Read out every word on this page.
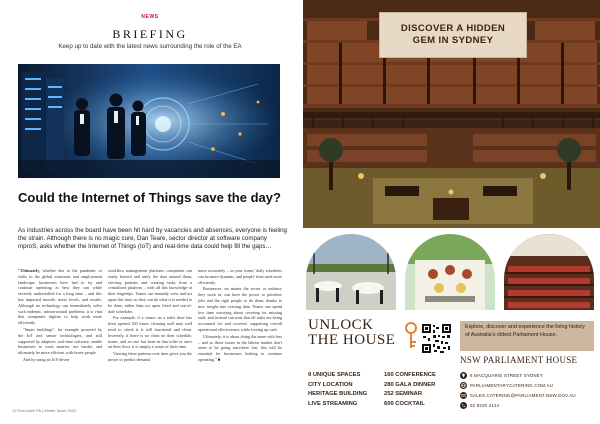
NEWS
BRIEFING
Keep up to date with the latest news surrounding the role of the EA
Could the Internet of Things save the day?
As industries across the board have been hit hard by vacancies and absences, everyone is feeling the strain. Although there is no magic cure, Dan Teare, sector director at software company mproS, asks whether the Internet of Things (IoT) and real-time data could help fill the gaps…

"Ultimately, whether due to the pandemic or shifts in the global economic and employment landscape, businesses have had to try and continue operating as best they can while severely understaffed for a long time – and this has impacted morale, stress levels, and results. Although no technology can immediately solve such endemic, infrastructural problems, it is vital that companies digitise to help work more efficiently.

"Smart buildings", for example powered by the IoT and sensor technologies, and still supported by adaptive, real-time software, enable businesses to work smarter, not harder, and ultimately be more efficient with fewer people.

And by using an IoT-driven

workflow management platform, companies can easily harvest and unify the data around them, viewing patterns and creating tasks from a centralised platform – with all this knowledge at their fingertips. Teams can instantly view and act upon this data, so they can do what it is needed to be done, rather than act upon fixed and out-of-date schedules.

For example, if a sensor on a toilet door has been opened 100 times, cleaning staff may well need to check it is still functional and clean. Inversely, if there is no clean on their schedule, teams, and no one has been in that toilet or once on their floor, it is simply a waste of their time.

Viewing these patterns over time gives you the power to predict demand,

more accurately – so your teams' daily schedules can be more dynamic, and people' time used more efficiently.

Businesses, no matter the sector or industry they work in, can have the power to prioritise jobs and the right people to do them, thanks to new insight into existing data. Teams can spend less time worrying about covering for missing staff, and instead can trust that all tasks are being accounted for and covered, supporting overall operational effectiveness while freeing up cash.

Ultimately, it is about doing the more with less – and so those issues in the labour market don't seem to be going anywhere fast, this will be essential for businesses looking to continue operating." ■

12 Executive PA | Winter Issue 2022
DISCOVER A HIDDEN GEM IN SYDNEY
UNLOCK
THE HOUSE
Explore, discover and experience the living history of Australia's oldest Parliament House.
NSW PARLIAMENT HOUSE
9 UNIQUE SPACES
CITY LOCATION
HERITAGE BUILDING
LIVE STREAMING
160 CONFERENCE
280 GALA DINNER
252 SEMINAR
600 COCKTAIL
6 MACQUARIE STREET SYDNEY
PARLIAMENTARYCATERING.COM.AU
SALES.CATERING@PARLIAMENT.NSW.GOV.AU
02 9230 2124
